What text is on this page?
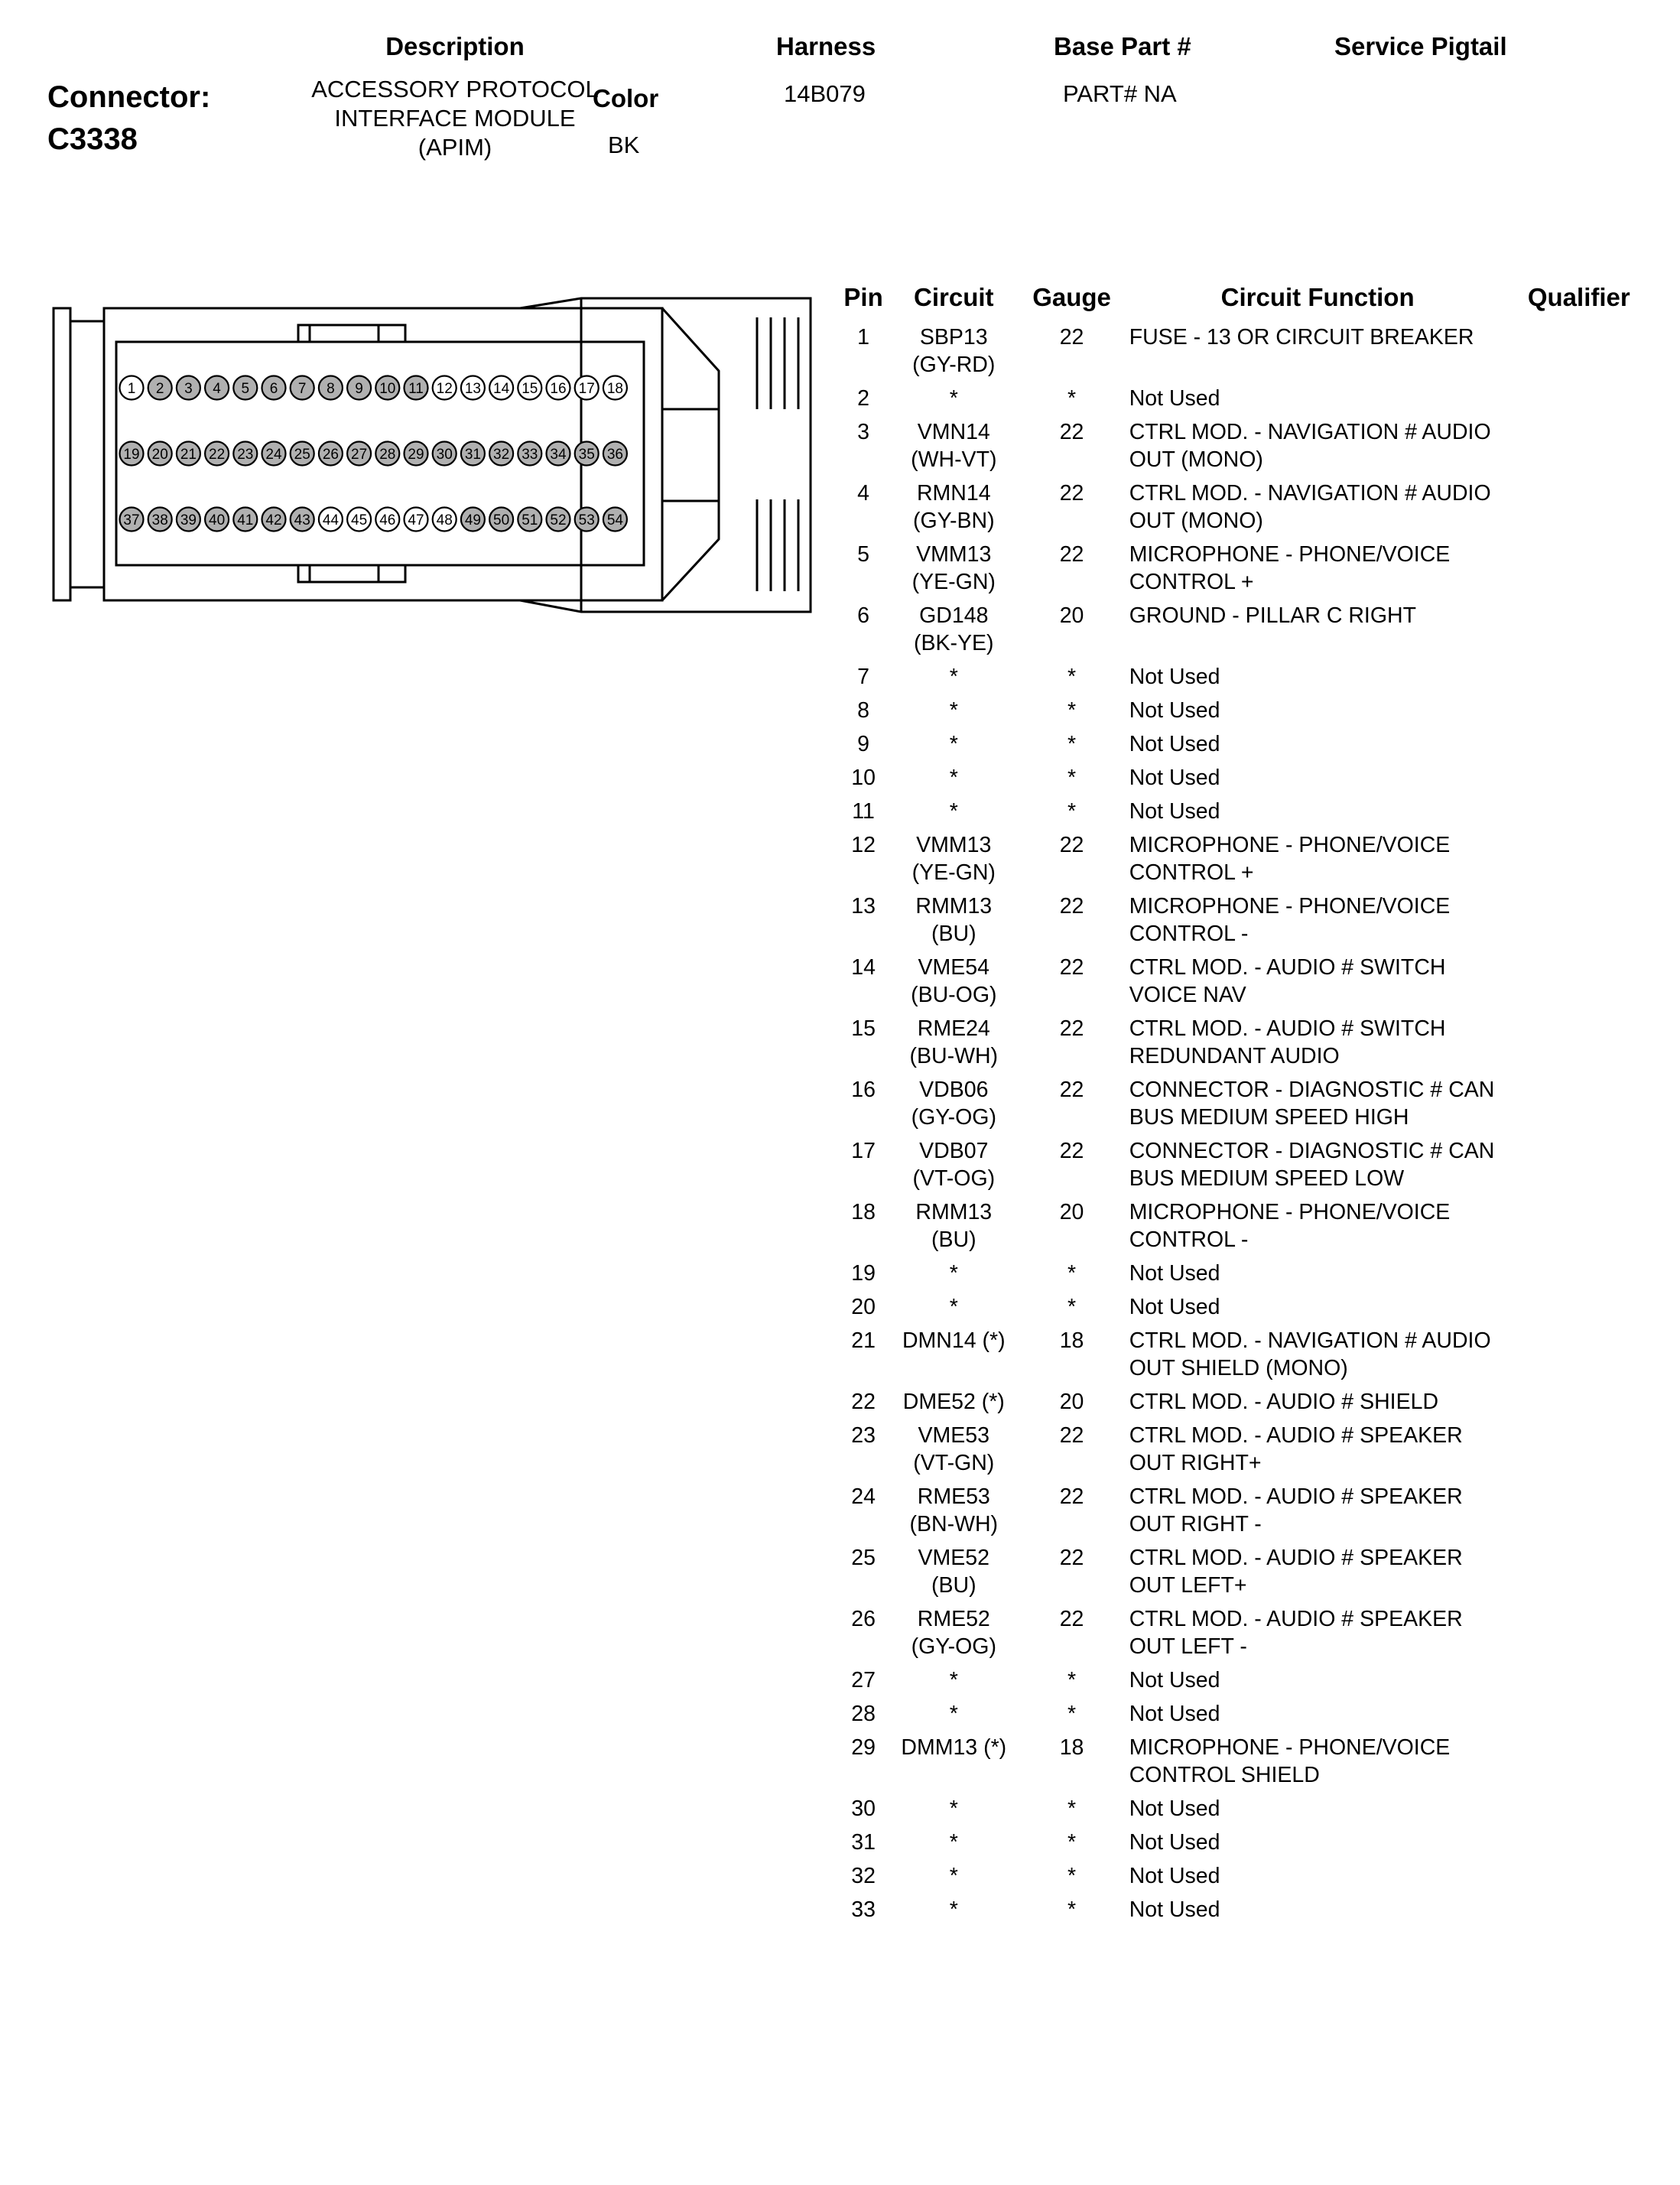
Connector:
C3338
Description
ACCESSORY PROTOCOL INTERFACE MODULE (APIM)
Color
BK
Harness
14B079
Base Part #
PART# NA
Service Pigtail
1 2 3 4 5 6 7 8 9 10 11 12 13 14 15 16 17 18
19 20 21 22 23 24 25 26 27 28 29 30 31 32 33 34 35 36
37 38 39 40 41 42 43 44 45 46 47 48 49 50 51 52 53 54
Pin	Circuit	Gauge	Circuit Function	Qualifier
1	SBP13
(GY-RD)	22	FUSE - 13 OR CIRCUIT BREAKER	
2	*	*	Not Used	
3	VMN14
(WH-VT)	22	CTRL MOD. - NAVIGATION # AUDIO OUT (MONO)	
4	RMN14
(GY-BN)	22	CTRL MOD. - NAVIGATION # AUDIO OUT (MONO)	
5	VMM13
(YE-GN)	22	MICROPHONE - PHONE/VOICE CONTROL +	
6	GD148
(BK-YE)	20	GROUND - PILLAR C RIGHT	
7	*	*	Not Used	
8	*	*	Not Used	
9	*	*	Not Used	
10	*	*	Not Used	
11	*	*	Not Used	
12	VMM13
(YE-GN)	22	MICROPHONE - PHONE/VOICE CONTROL +	
13	RMM13
(BU)	22	MICROPHONE - PHONE/VOICE CONTROL -	
14	VME54
(BU-OG)	22	CTRL MOD. - AUDIO # SWITCH VOICE NAV	
15	RME24
(BU-WH)	22	CTRL MOD. - AUDIO # SWITCH REDUNDANT AUDIO	
16	VDB06
(GY-OG)	22	CONNECTOR - DIAGNOSTIC # CAN BUS MEDIUM SPEED HIGH	
17	VDB07
(VT-OG)	22	CONNECTOR - DIAGNOSTIC # CAN BUS MEDIUM SPEED LOW	
18	RMM13
(BU)	20	MICROPHONE - PHONE/VOICE CONTROL -	
19	*	*	Not Used	
20	*	*	Not Used	
21	DMN14 (*)	18	CTRL MOD. - NAVIGATION # AUDIO OUT SHIELD (MONO)	
22	DME52 (*)	20	CTRL MOD. - AUDIO # SHIELD	
23	VME53
(VT-GN)	22	CTRL MOD. - AUDIO # SPEAKER OUT RIGHT+	
24	RME53
(BN-WH)	22	CTRL MOD. - AUDIO # SPEAKER OUT RIGHT -	
25	VME52
(BU)	22	CTRL MOD. - AUDIO # SPEAKER OUT LEFT+	
26	RME52
(GY-OG)	22	CTRL MOD. - AUDIO # SPEAKER OUT LEFT -	
27	*	*	Not Used	
28	*	*	Not Used	
29	DMM13 (*)	18	MICROPHONE - PHONE/VOICE CONTROL SHIELD	
30	*	*	Not Used	
31	*	*	Not Used	
32	*	*	Not Used	
33	*	*	Not Used	
